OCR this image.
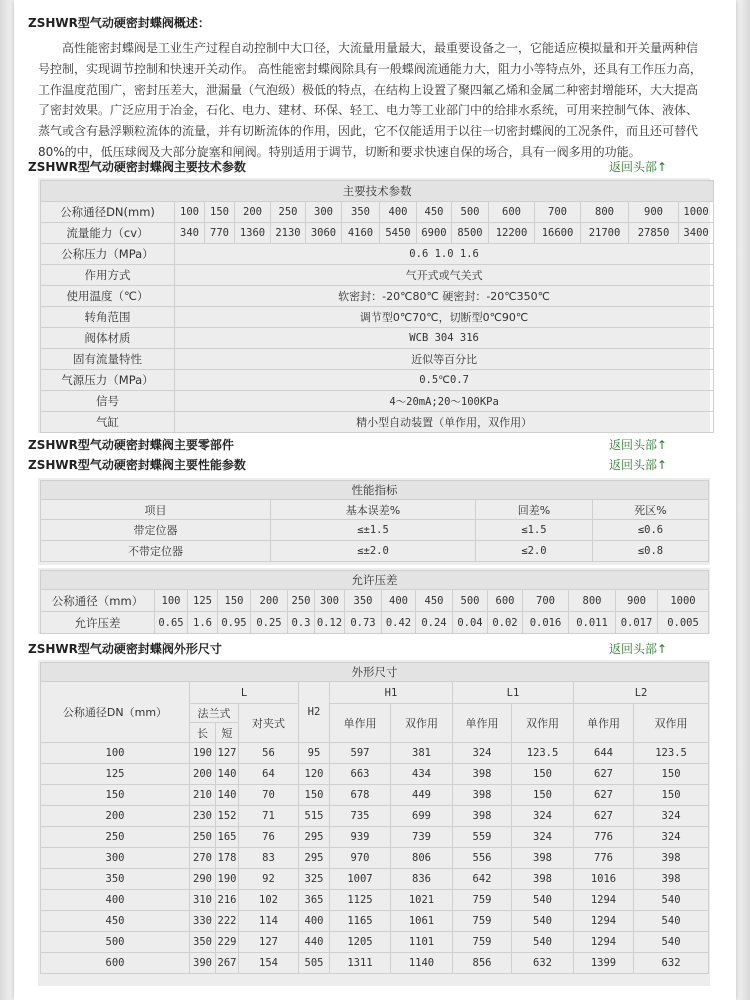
ZSHWR型气动硬密封蝶阀概述：
高性能密封蝶阀是工业生产过程自动控制中大口径，大流量用量最大，最重要设备之一，它能适应模拟量和开关量两种信
号控制，实现调节控制和快速开关动作。 高性能密封蝶阀除具有一般蝶阀流通能力大，阻力小等特点外，还具有工作压力高，
工作温度范围广，密封压差大，泄漏量（气泡级）极低的特点，在结构上设置了聚四氟乙烯和金属二种密封增能环，大大提高
了密封效果。广泛应用于冶金，石化、电力、建材、环保、轻工、电力等工业部门中的给排水系统，可用来控制气体、液体、
蒸气或含有悬浮颗粒流体的流量，并有切断流体的作用，因此，它不仅能适用于以往一切密封蝶阀的工况条件，而且还可替代
80%的中，低压球阀及大部分旋塞和闸阀。特别适用于调节，切断和要求快速自保的场合，具有一阀多用的功能。
ZSHWR型气动硬密封蝶阀主要技术参数	返回头部↑
主要技术参数														
公称通径DN(mm)	100	150	200	250	300	350	400	450	500	600	700	800	900	1000
流量能力（cv）	340	770	1360	2130	3060	4160	5450	6900	8500	12200	16600	21700	27850	3400
公称压力（MPa）	0.6 1.0 1.6													
作用方式	气开式或气关式													
使用温度（℃）	软密封：-20℃80℃ 硬密封：-20℃350℃													
转角范围	调节型0℃70℃，切断型0℃90℃													
阀体材质	WCB 304 316													
固有流量特性	近似等百分比													
气源压力（MPa）	0.5℃0.7													
信号	4～20mA;20～100KPa													
气缸	精小型自动装置（单作用，双作用）													
ZSHWR型气动硬密封蝶阀主要零部件	返回头部↑
ZSHWR型气动硬密封蝶阀主要性能参数	返回头部↑
性能指标			
项目	基本误差%	回差%	死区%
带定位器	≤±1.5	≤1.5	≤0.6
不带定位器	≤±2.0	≤2.0	≤0.8
允许压差															
公称通径（mm）	100	125	150	200	250	300	350	400	450	500	600	700	800	900	1000
允许压差	0.65	1.6	0.95	0.25	0.3	0.12	0.73	0.42	0.24	0.04	0.02	0.016	0.011	0.017	0.005
ZSHWR型气动硬密封蝶阀外形尺寸	返回头部↑
外形尺寸										
公称通径DN（mm）	L			H2	H1		L1		L2	
	法兰式		对夹式		单作用	双作用	单作用	双作用	单作用	双作用
	长	短								
100	190	127	56	95	597	381	324	123.5	644	123.5
125	200	140	64	120	663	434	398	150	627	150
150	210	140	70	150	678	449	398	150	627	150
200	230	152	71	515	735	699	398	324	627	324
250	250	165	76	295	939	739	559	324	776	324
300	270	178	83	295	970	806	556	398	776	398
350	290	190	92	325	1007	836	642	398	1016	398
400	310	216	102	365	1125	1021	759	540	1294	540
450	330	222	114	400	1165	1061	759	540	1294	540
500	350	229	127	440	1205	1101	759	540	1294	540
600	390	267	154	505	1311	1140	856	632	1399	632
